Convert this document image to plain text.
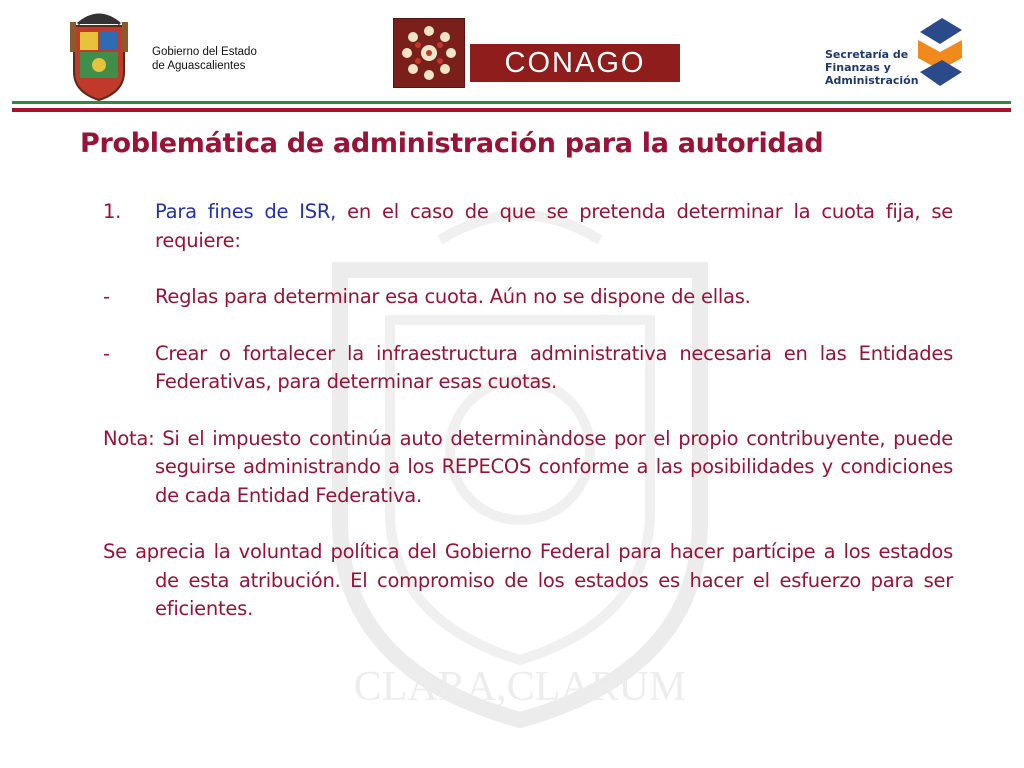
CLARA,CLARUM
Gobierno del Estado
de Aguascalientes	CONAGO	Secretaría de
Finanzas y
Administración
Problemática de administración para la autoridad
1. Para fines de ISR, en el caso de que se pretenda determinar la cuota fija, se requiere:
- Reglas para determinar esa cuota. Aún no se dispone de ellas.
- Crear o fortalecer la infraestructura administrativa necesaria en las Entidades Federativas, para determinar esas cuotas.
Nota: Si el impuesto continúa auto determinàndose por el propio contribuyente, puede seguirse administrando a los REPECOS conforme a las posibilidades y condiciones de cada Entidad Federativa.
Se aprecia la voluntad política del Gobierno Federal para hacer partícipe a los estados de esta atribución. El compromiso de los estados es hacer el esfuerzo para ser eficientes.
